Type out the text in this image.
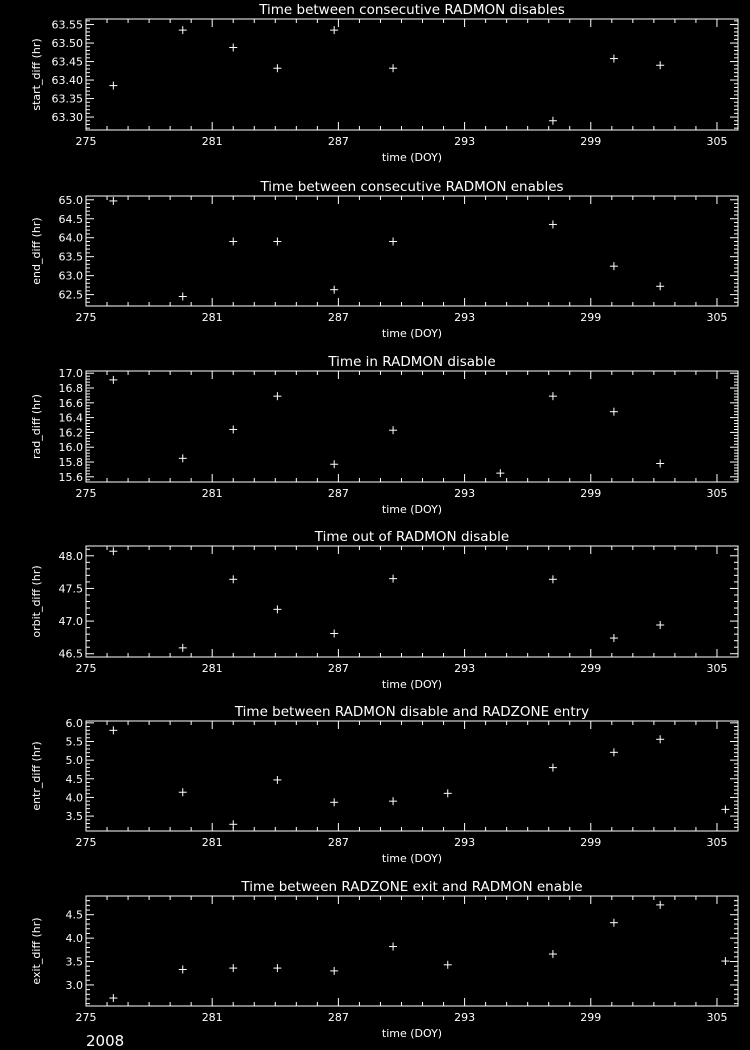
Time between consecutive RADMON disables
275	281	287	293	299	305
63.30
63.35
63.40
63.45
63.50
63.55
time (DOY)
start_diff (hr)
Time between consecutive RADMON enables
275	281	287	293	299	305
62.5
63.0
63.5
64.0
64.5
65.0
time (DOY)
end_diff (hr)
Time in RADMON disable
275	281	287	293	299	305
15.6
15.8
16.0
16.2
16.4
16.6
16.8
17.0
time (DOY)
rad_diff (hr)
Time out of RADMON disable
275	281	287	293	299	305
46.5
47.0
47.5
48.0
time (DOY)
orbit_diff (hr)
Time between RADMON disable and RADZONE entry
275	281	287	293	299	305
3.5
4.0
4.5
5.0
5.5
6.0
time (DOY)
entr_diff (hr)
Time between RADZONE exit and RADMON enable
275	281	287	293	299	305
3.0
3.5
4.0
4.5
time (DOY)
exit_diff (hr)
2008
